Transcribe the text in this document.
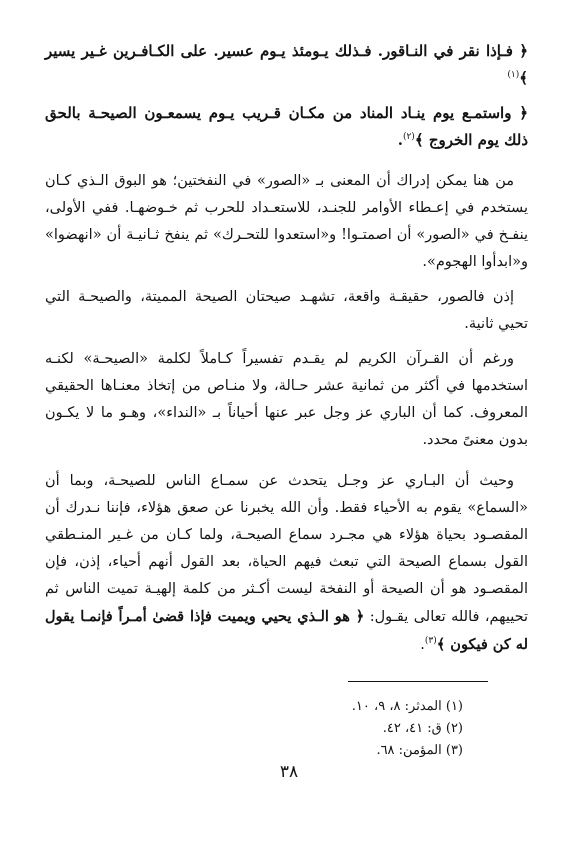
﴿ فـإذا نقر في النـاقور. فـذلك يـومئذ يـوم عسير. على الكـافـرين غـير يسير ﴾$^{(١)}$

﴿ واستمـع يوم ينـاد المناد من مكـان قـريب يـوم يسمعـون الصيحـة بالحق ذلك يوم الخروج ﴾$^{(٢)}$.

من هنا يمكن إدراك أن المعنى بـ «الصور» في النفختين؛ هو البوق الـذي كـان يستخدم في إعـطاء الأوامر للجنـد، للاستعـداد للحرب ثم خـوضهـا. ففي الأولى، ينفـخ في «الصور» أن اصمتـوا! و«استعدوا للتحـرك» ثم ينفخ ثـانيـة أن «انهضوا» و«ابدأوا الهجوم».

إذن فالصور، حقيقـة واقعة، تشهـد صيحتان الصيحة المميتة، والصيحـة التي تحيي ثانية.

ورغم أن القـرآن الكريم لم يقـدم تفسيراً كـاملاً لكلمة «الصيحـة» لكنـه استخدمها في أكثر من ثمانية عشر حـالة، ولا منـاص من إتخاذ معنـاها الحقيقي المعروف. كما أن الباري عز وجل عبر عنها أحياناً بـ «النداء»، وهـو ما لا يكـون بدون معنىً محدد.

وحيث أن البـاري عز وجـل يتحدث عن سمـاع الناس للصيحـة، وبما أن «السماع» يقوم به الأحياء فقط. وأن الله يخبرنا عن صعق هؤلاء، فإننا نـدرك أن المقصـود بحياة هؤلاء هي مجـرد سماع الصيحـة، ولما كـان من غـير المنـطقي القول بسماع الصيحة التي تبعث فيهم الحياة، بعد القول أنهم أحياء، إذن، فإن المقصـود هو أن الصيحة أو النفخة ليست أكـثر من كلمة إلهيـة تميت الناس ثم تحييهم، فالله تعالى يقـول: ﴿ هو الـذي يحيي ويميت فإذا قضىٰ أمـراً فإنمـا يقول له كن فيكون ﴾$^{(٣)}$.

(١) المدثر: ٨، ٩، ١٠.
(٢) ق: ٤١، ٤٢.
(٣) المؤمن: ٦٨.
٣٨
